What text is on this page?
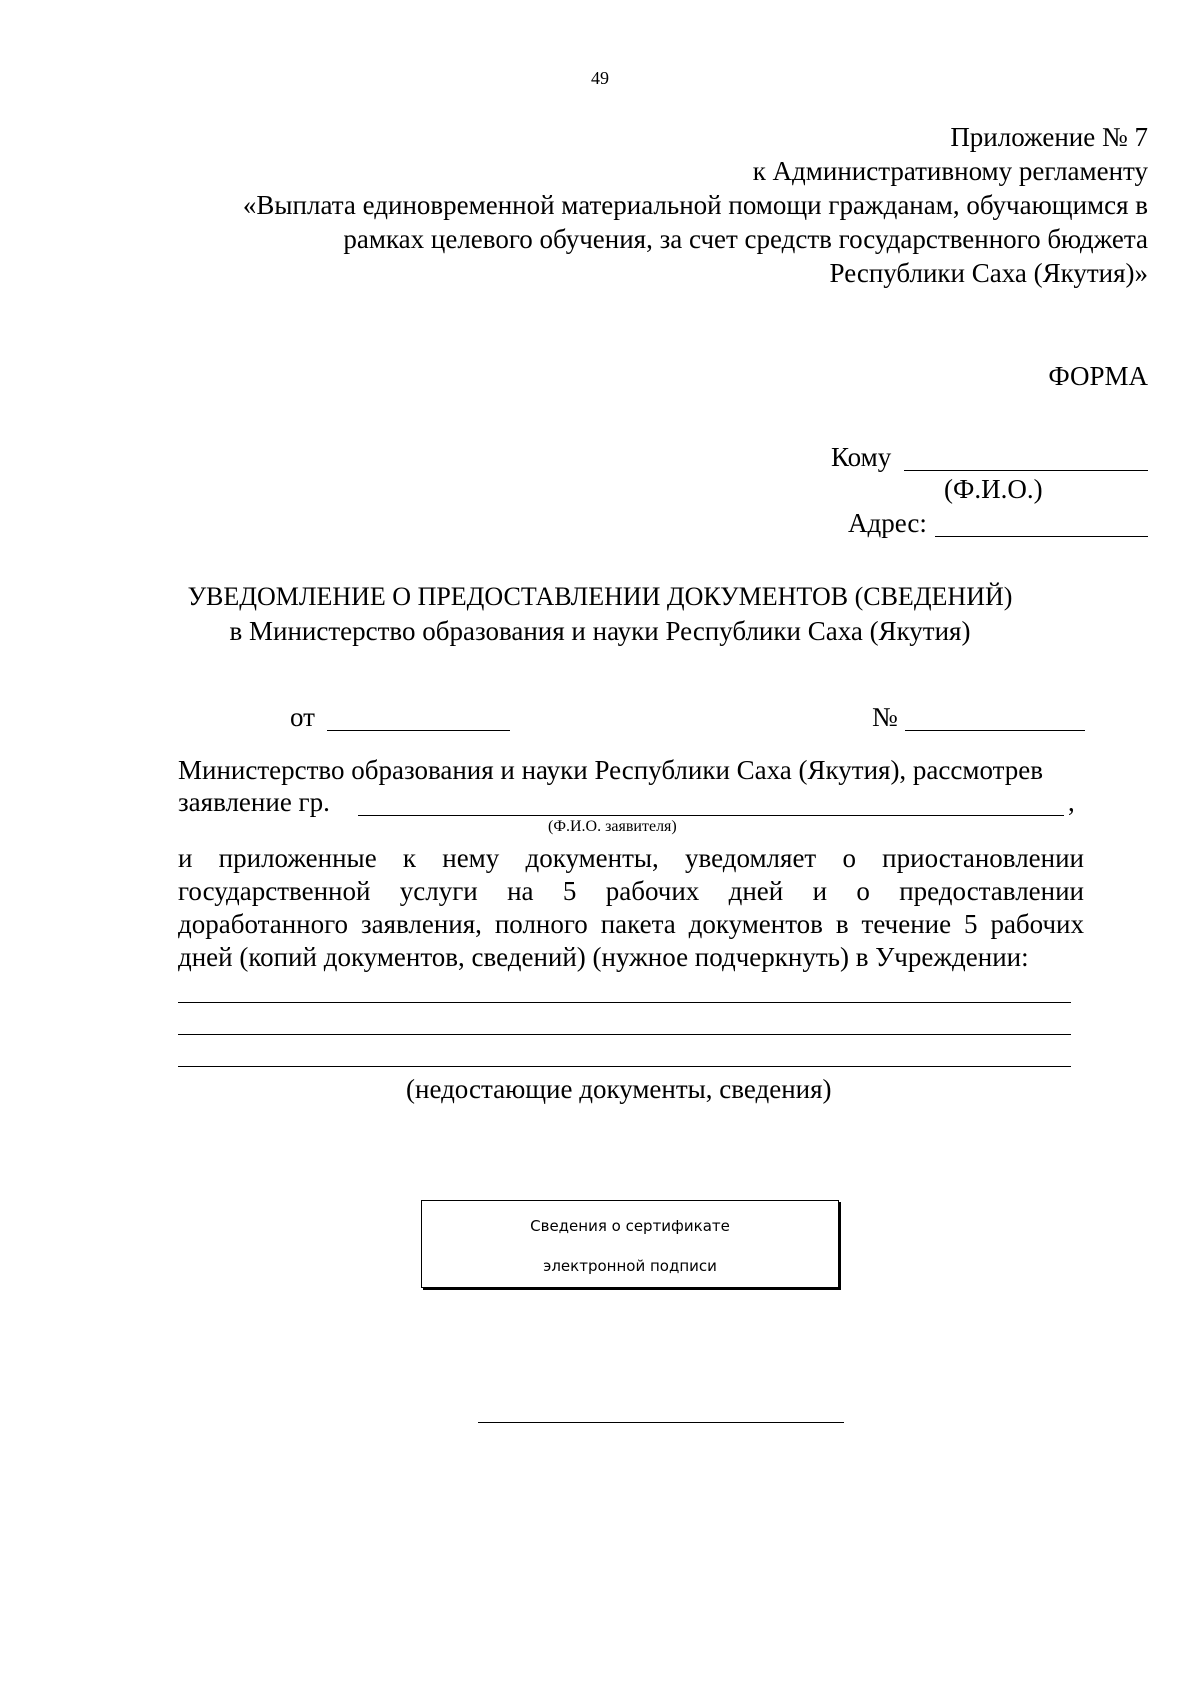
49
Приложение № 7
к Административному регламенту
«Выплата единовременной материальной помощи гражданам, обучающимся в
рамках целевого обучения, за счет средств государственного бюджета
Республики Саха (Якутия)»
ФОРМА
Кому
(Ф.И.О.)
Адрес:
УВЕДОМЛЕНИЕ О ПРЕДОСТАВЛЕНИИ ДОКУМЕНТОВ (СВЕДЕНИЙ)
в Министерство образования и науки Республики Саха (Якутия)
от	№
Министерство образования и науки Республики Саха (Якутия), рассмотрев
заявление гр.	,
(Ф.И.О. заявителя)
и приложенные к нему документы, уведомляет о приостановлении
государственной услуги на 5 рабочих дней и о предоставлении
доработанного заявления, полного пакета документов в течение 5 рабочих
дней (копий документов, сведений) (нужное подчеркнуть) в Учреждении:
(недостающие документы, сведения)
Сведения о сертификате
электронной подписи
